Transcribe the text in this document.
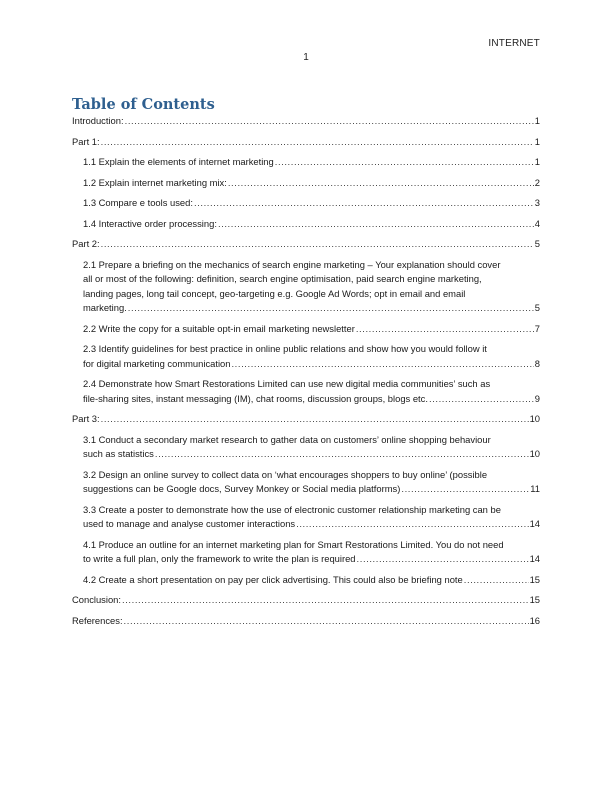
INTERNET
1
Table of Contents
Introduction: .....	1
Part 1: .....	1
1.1 Explain the elements of internet marketing .....	1
1.2 Explain internet marketing mix: .....	2
1.3 Compare e tools used: .....	3
1.4 Interactive order processing: .....	4
Part 2: .....	5
2.1 Prepare a briefing on the mechanics of search engine marketing – Your explanation should cover
all or most of the following: definition, search engine optimisation, paid search engine marketing,
landing pages, long tail concept, geo-targeting e.g. Google Ad Words; opt in email and email
marketing. .....	5
2.2 Write the copy for a suitable opt-in email marketing newsletter .....	7
2.3 Identify guidelines for best practice in online public relations and show how you would follow it
for digital marketing communication .....	8
2.4 Demonstrate how Smart Restorations Limited can use new digital media communities’ such as
file-sharing sites, instant messaging (IM), chat rooms, discussion groups, blogs etc. .....	9
Part 3: .....	10
3.1 Conduct a secondary market research to gather data on customers’ online shopping behaviour
such as statistics .....	10
3.2 Design an online survey to collect data on ‘what encourages shoppers to buy online’ (possible
suggestions can be Google docs, Survey Monkey or Social media platforms) .....	11
3.3 Create a poster to demonstrate how the use of electronic customer relationship marketing can be
used to manage and analyse customer interactions .....	14
4.1 Produce an outline for an internet marketing plan for Smart Restorations Limited. You do not need
to write a full plan, only the framework to write the plan is required .....	14
4.2 Create a short presentation on pay per click advertising. This could also be briefing note .....	15
Conclusion: .....	15
References: .....	16
